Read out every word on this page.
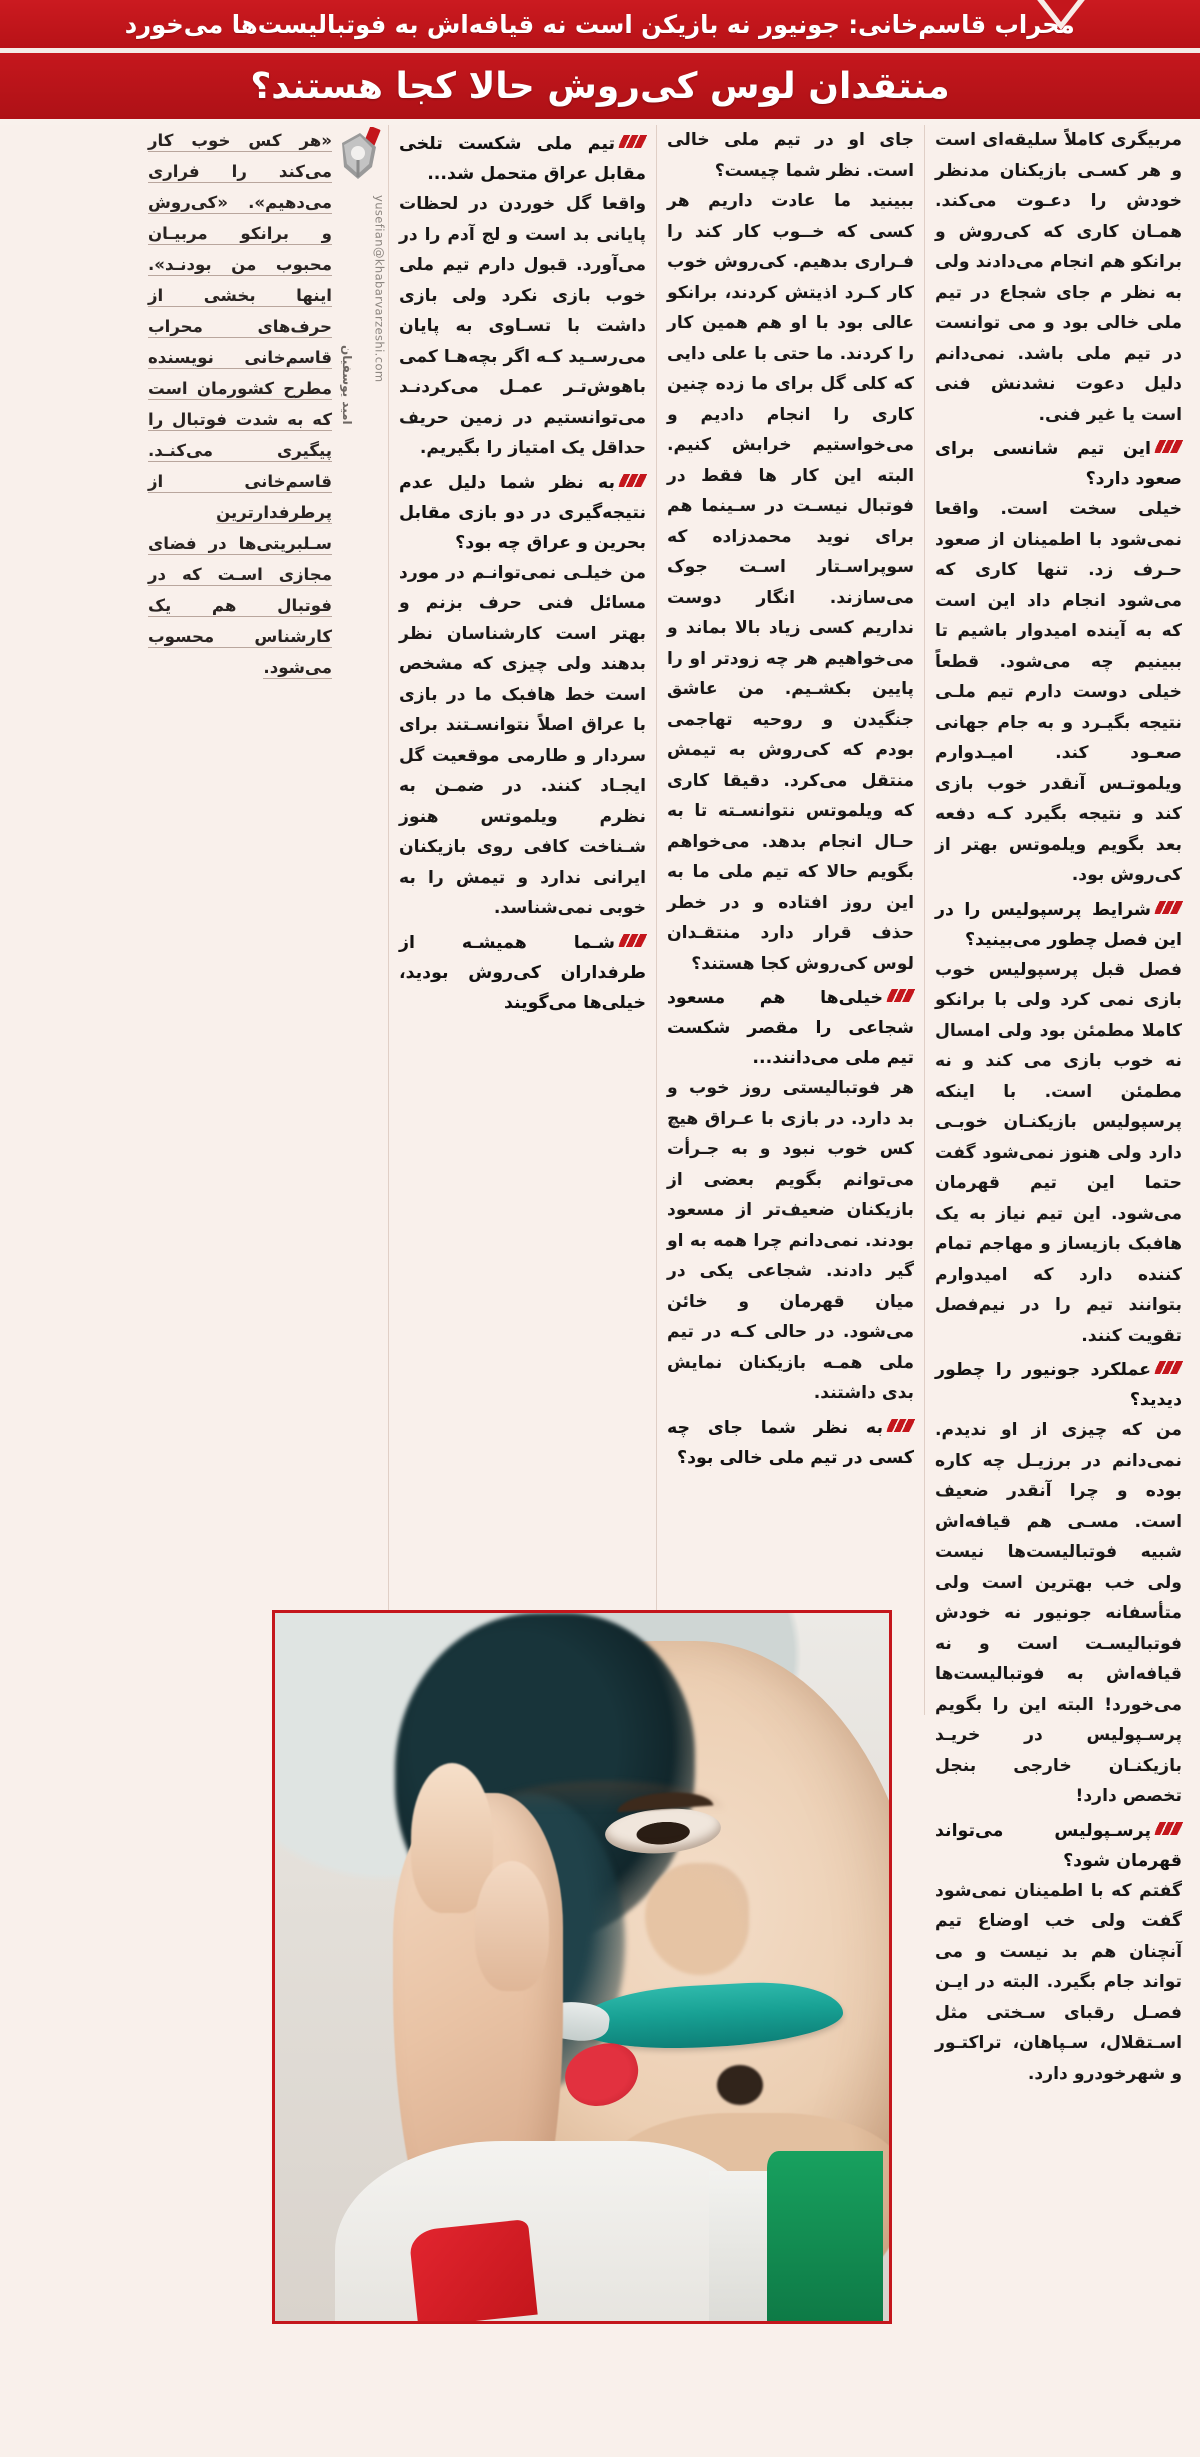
محراب قاسم‌خانی: جونیور نه بازیکن است نه قیافه‌اش به فوتبالیست‌ها می‌خورد
منتقدان لوس کی‌روش حالا کجا هستند؟
مربیگری کاملاً سلیقه‌ای است و هر کسـی بازیکنان مدنظر خودش را دعـوت می‌کند. همـان کاری که کی‌روش و برانکو هم انجام می‌دادند ولی به نظر م جای شجاع در تیم ملی خالی بود و می توانست در تیم ملی باشد. نمی‌دانم دلیل دعوت نشدنش فنی است یا غیر فنی.
این تیم شانسی برای صعود دارد؟
خیلی سخت است. واقعا نمی‌شود با اطمینان از صعود حـرف زد. تنها کاری که می‌شود انجام داد این است که به آینده امیدوار باشیم تا ببینیم چه می‌شود. قطعاً خیلی دوست دارم تیم ملـی نتیجه بگیـرد و به جام جهانی صعـود کند. امیـدوارم ویلموتـس آنقدر خوب بازی کند و نتیجه بگیرد کـه دفعه بعد بگویم ویلموتس بهتر از کی‌روش بود.
شرایط پرسپولیس را در این فصل چطور می‌بینید؟
فصل قبل پرسپولیس خوب بازی نمی کرد ولی با برانکو کاملا مطمئن بود ولی امسال نه خوب بازی می کند و نه مطمئن است. با اینکه پرسپولیس بازیکنـان خوبـی دارد ولی هنوز نمی‌شود گفت حتما این تیم قهرمان می‌شود. این تیم نیاز به یک هافبک بازیساز و مهاجم تمام کننده دارد که امیدوارم بتوانند تیم را در نیم‌فصل تقویت کنند.
عملکرد جونیور را چطور دیدید؟
من که چیزی از او ندیدم. نمی‌دانم در برزیـل چه کاره بوده و چرا آنقدر ضعیف است. مسـی هم قیافه‌اش شبیه فوتبالیست‌ها نیست ولی خب بهترین است ولی متأسفانه جونیور نه خودش فوتبالیسـت است و نه قیافه‌اش به فوتبالیست‌ها می‌خورد! البته این را بگویم پرسـپولیس در خریـد بازیکنـان خارجی بنجل تخصص دارد!
پرسـپولیس می‌تواند قهرمان شود؟
گفتم که با اطمینان نمی‌شود گفت ولی خب اوضاع تیم آنچنان هم بد نیست و می تواند جام بگیرد. البته در ایـن فصـل رقبای سـختی مثل اسـتقلال، سـپاهان، تراکتـور و شهرخودرو دارد.
جای او در تیم ملی خالی است. نظر شما چیست؟
ببینید ما عادت داریم هر کسی که خــوب کار کند را فـراری بدهیم. کی‌روش خوب کار کـرد اذیتش کردند، برانکو عالی بود با او هم همین کار را کردند. ما حتی با علی دایی که کلی گل برای ما زده چنین کاری را انجام دادیم و می‌خواستیم خرابش کنیم. البته این کار ها فقط در فوتبال نیسـت در سـینما هم برای نوید محمدزاده که سوپراسـتار اسـت جوک می‌سازند. انگار دوست نداریم کسی زیاد بالا بماند و می‌خواهیم هر چه زودتر او را پایین بکشـیم. من عاشق جنگیدن و روحیه تهاجمی بودم که کی‌روش به تیمش منتقل می‌کرد. دقیقا کاری که ویلموتس نتوانسـته تا به حـال انجام بدهد. می‌خواهم بگویم حالا که تیم ملی ما به این روز افتاده و در خطر حذف قرار دارد منتقـدان لوس کی‌روش کجا هستند؟
خیلی‌ها هم مسعود شجاعی را مقصر شکست تیم ملی می‌دانند...
هر فوتبالیستی روز خوب و بد دارد. در بازی با عـراق هیچ کس خوب نبود و به جـرأت می‌توانم بگویم بعضی از بازیکنان ضعیف‌تر از مسعود بودند. نمی‌دانم چرا همه به او گیر دادند. شجاعی یکی در میان قهرمان و خائن می‌شود. در حالی کـه در تیم ملی همـه بازیکنان نمایش بدی داشتند.
به نظر شما جای چه کسی در تیم ملی خالی بود؟
تیم ملی شکست تلخی مقابل عراق متحمل شد...
واقعا گل خوردن در لحظات پایانی بد است و لج آدم را در می‌آورد. قبول دارم تیم ملی خوب بازی نکرد ولی بازی داشت با تسـاوی به پایان می‌رسـید کـه اگر بچه‌هـا کمی باهوش‌تـر عمـل می‌کردنـد می‌توانستیم در زمین حریف حداقل یک امتیاز را بگیریم.
به نظر شما دلیل عدم نتیجه‌گیری در دو بازی مقابل بحرین و عراق چه بود؟
من خیلـی نمی‌توانـم در مورد مسائل فنی حرف بزنم و بهتر است کارشناسان نظر بدهند ولی چیزی که مشخص است خط هافبک ما در بازی با عراق اصلاً نتوانسـتند برای سردار و طارمی موقعیت گل ایجـاد کنند. در ضمـن به نظرم ویلموتس هنوز شـناخت کافی روی بازیکنان ایرانی ندارد و تیمش را به خوبی نمی‌شناسد.
شـما همیشـه از طرفداران کی‌روش بودید، خیلی‌ها می‌گویند
yusefian@khabarvarzeshi.com
امید یوسفیان

«هر کس خوب کار می‌کند را فراری می‌دهیم». «کی‌روش و برانکو مربیـان محبوب من بودنـد». اینها بخشی از حرف‌های محراب قاسم‌خانی نویسنده مطرح کشورمان است که به شدت فوتبال را پیگیری می‌کنـد. قاسم‌خانی از پرطرفدارترین سـلبریتی‌ها در فضای مجازی اسـت که در فوتبال هم یک کارشناس محسوب می‌شود.
